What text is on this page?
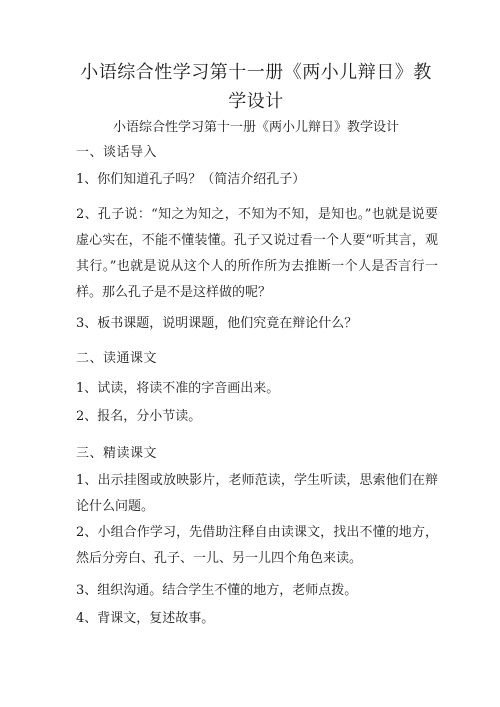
小语综合性学习第十一册《两小儿辩日》教学设计

小语综合性学习第十一册《两小儿辩日》教学设计

一、谈话导入

1、你们知道孔子吗？（简洁介绍孔子）

2、孔子说：“知之为知之，不知为不知，是知也。”也就是说要虚心实在，不能不懂装懂。孔子又说过看一个人要“听其言，观其行。”也就是说从这个人的所作所为去推断一个人是否言行一样。那么孔子是不是这样做的呢？

3、板书课题，说明课题，他们究竟在辩论什么？

二、读通课文

1、试读，将读不准的字音画出来。

2、报名，分小节读。

三、精读课文

1、出示挂图或放映影片，老师范读，学生听读，思索他们在辩论什么问题。

2、小组合作学习，先借助注释自由读课文，找出不懂的地方，然后分旁白、孔子、一儿、另一儿四个角色来读。

3、组织沟通。结合学生不懂的地方，老师点拨。

4、背课文，复述故事。
